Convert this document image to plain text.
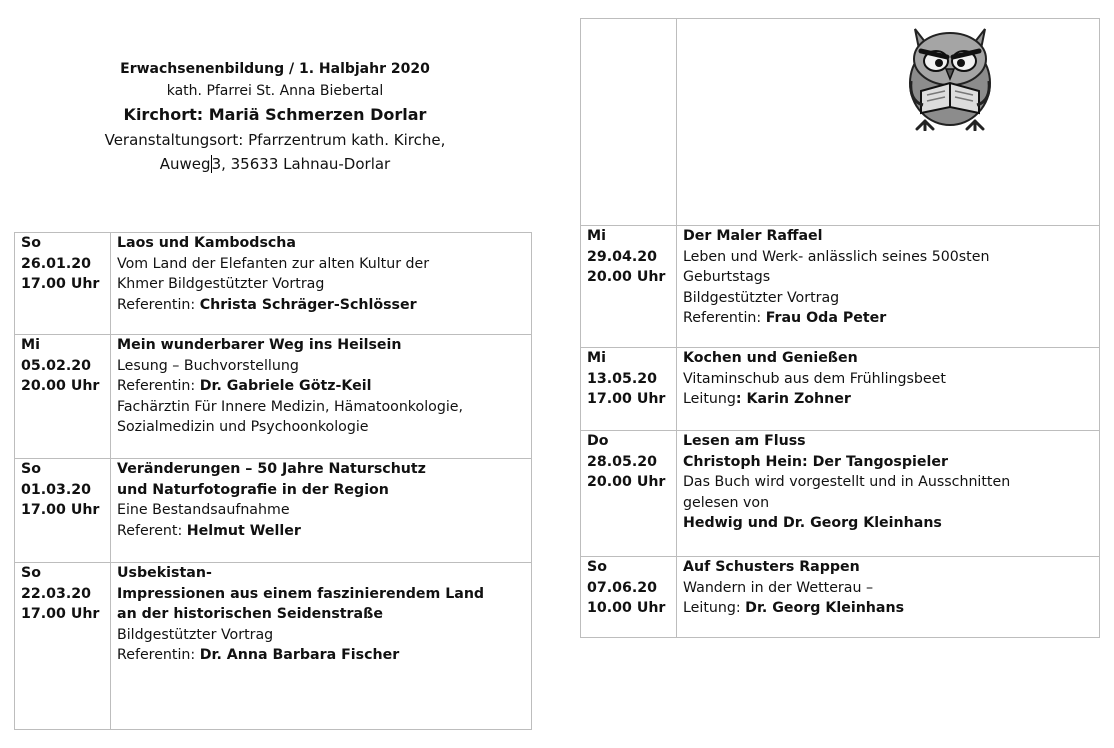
Erwachsenenbildung / 1. Halbjahr 2020
kath. Pfarrei St. Anna Biebertal
Kirchort: Mariä Schmerzen Dorlar
Veranstaltungsort: Pfarrzentrum kath. Kirche,
Auweg3, 35633 Lahnau-Dorlar
So
26.01.20
17.00 Uhr	Laos und Kambodscha
Vom Land der Elefanten zur alten Kultur der
Khmer Bildgestützter Vortrag
Referentin: Christa Schräger-Schlösser

Mi
05.02.20
20.00 Uhr	Mein wunderbarer Weg ins Heilsein
Lesung – Buchvorstellung
Referentin: Dr. Gabriele Götz-Keil
Fachärztin Für Innere Medizin, Hämatoonkologie,
Sozialmedizin und Psychoonkologie

So
01.03.20
17.00 Uhr	Veränderungen – 50 Jahre Naturschutz
und Naturfotografie in der Region
Eine Bestandsaufnahme
Referent: Helmut Weller

So
22.03.20
17.00 Uhr	Usbekistan-
Impressionen aus einem faszinierendem Land
an der historischen Seidenstraße
Bildgestützter Vortrag
Referentin: Dr. Anna Barbara Fischer

Mi
29.04.20
20.00 Uhr	Der Maler Raffael
Leben und Werk- anlässlich seines 500sten
Geburtstags
Bildgestützter Vortrag
Referentin: Frau Oda Peter

Mi
13.05.20
17.00 Uhr	Kochen und Genießen
Vitaminschub aus dem Frühlingsbeet
Leitung: Karin Zohner

Do
28.05.20
20.00 Uhr	Lesen am Fluss
Christoph Hein: Der Tangospieler
Das Buch wird vorgestellt und in Ausschnitten
gelesen von
Hedwig und Dr. Georg Kleinhans

So
07.06.20
10.00 Uhr	Auf Schusters Rappen
Wandern in der Wetterau –
Leitung: Dr. Georg Kleinhans
